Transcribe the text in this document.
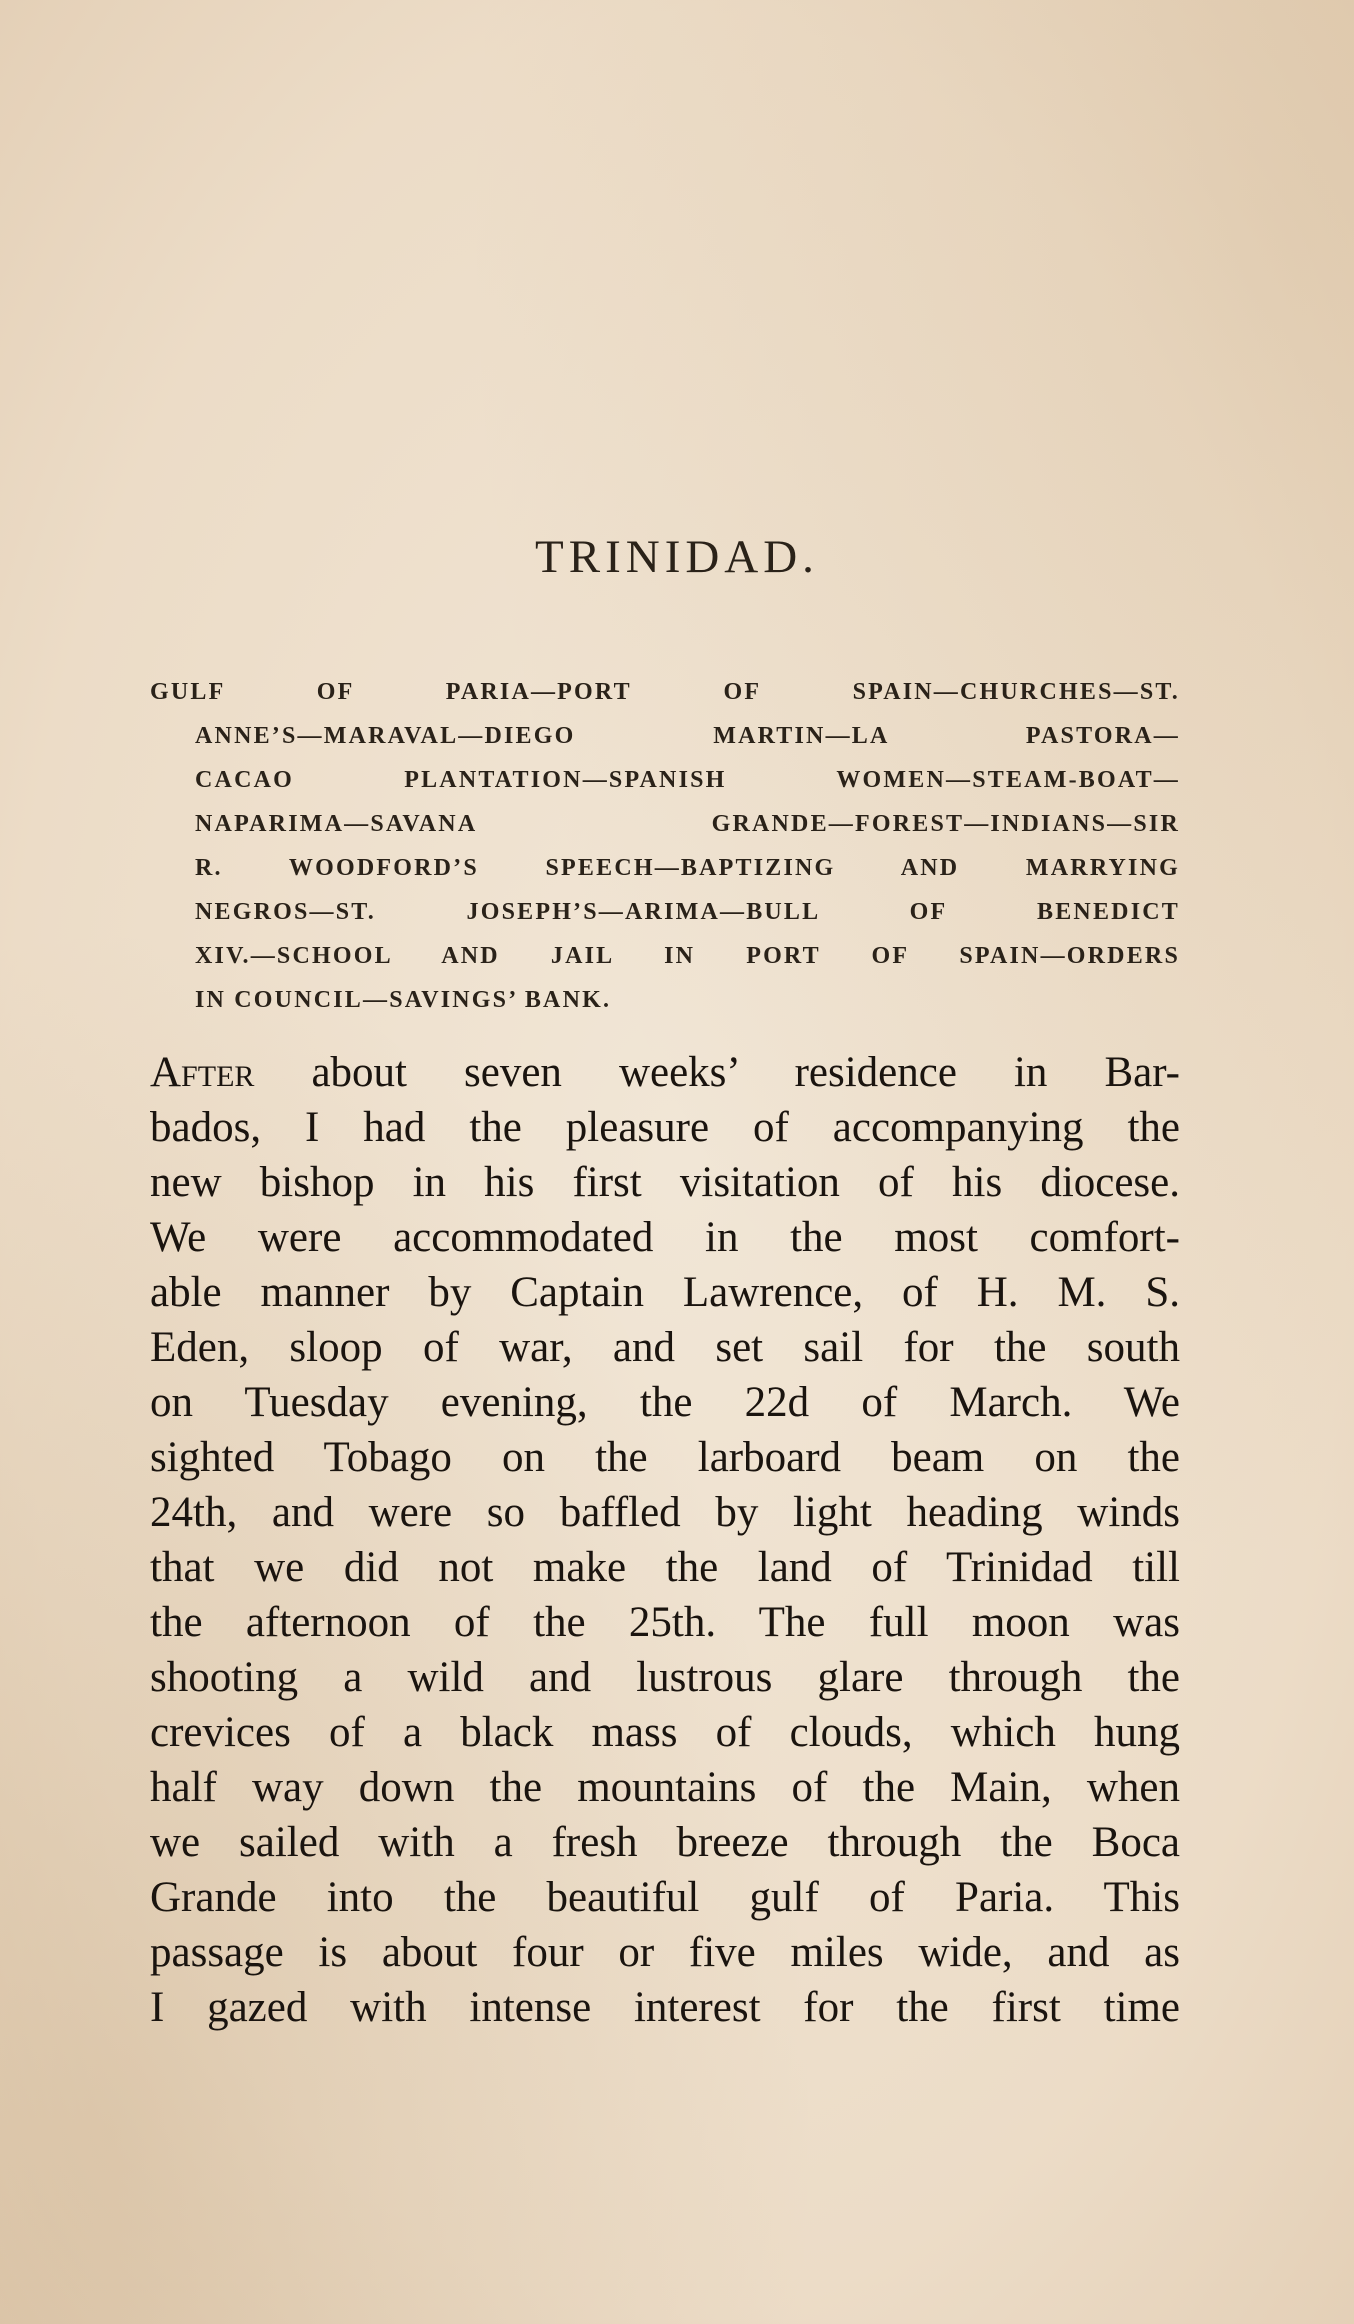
TRINIDAD.
GULF OF PARIA—PORT OF SPAIN—CHURCHES—ST.
ANNE’S—MARAVAL—DIEGO MARTIN—LA PASTORA—
CACAO PLANTATION—SPANISH WOMEN—STEAM-BOAT—
NAPARIMA—SAVANA GRANDE—FOREST—INDIANS—SIR
R. WOODFORD’S SPEECH—BAPTIZING AND MARRYING
NEGROS—ST. JOSEPH’S—ARIMA—BULL OF BENEDICT
XIV.—SCHOOL AND JAIL IN PORT OF SPAIN—ORDERS
IN COUNCIL—SAVINGS’ BANK.
After about seven weeks’ residence in Bar-
bados, I had the pleasure of accompanying the
new bishop in his first visitation of his diocese.
We were accommodated in the most comfort-
able manner by Captain Lawrence, of H. M. S.
Eden, sloop of war, and set sail for the south
on Tuesday evening, the 22d of March. We
sighted Tobago on the larboard beam on the
24th, and were so baffled by light heading winds
that we did not make the land of Trinidad till
the afternoon of the 25th. The full moon was
shooting a wild and lustrous glare through the
crevices of a black mass of clouds, which hung
half way down the mountains of the Main, when
we sailed with a fresh breeze through the Boca
Grande into the beautiful gulf of Paria. This
passage is about four or five miles wide, and as
I gazed with intense interest for the first time
